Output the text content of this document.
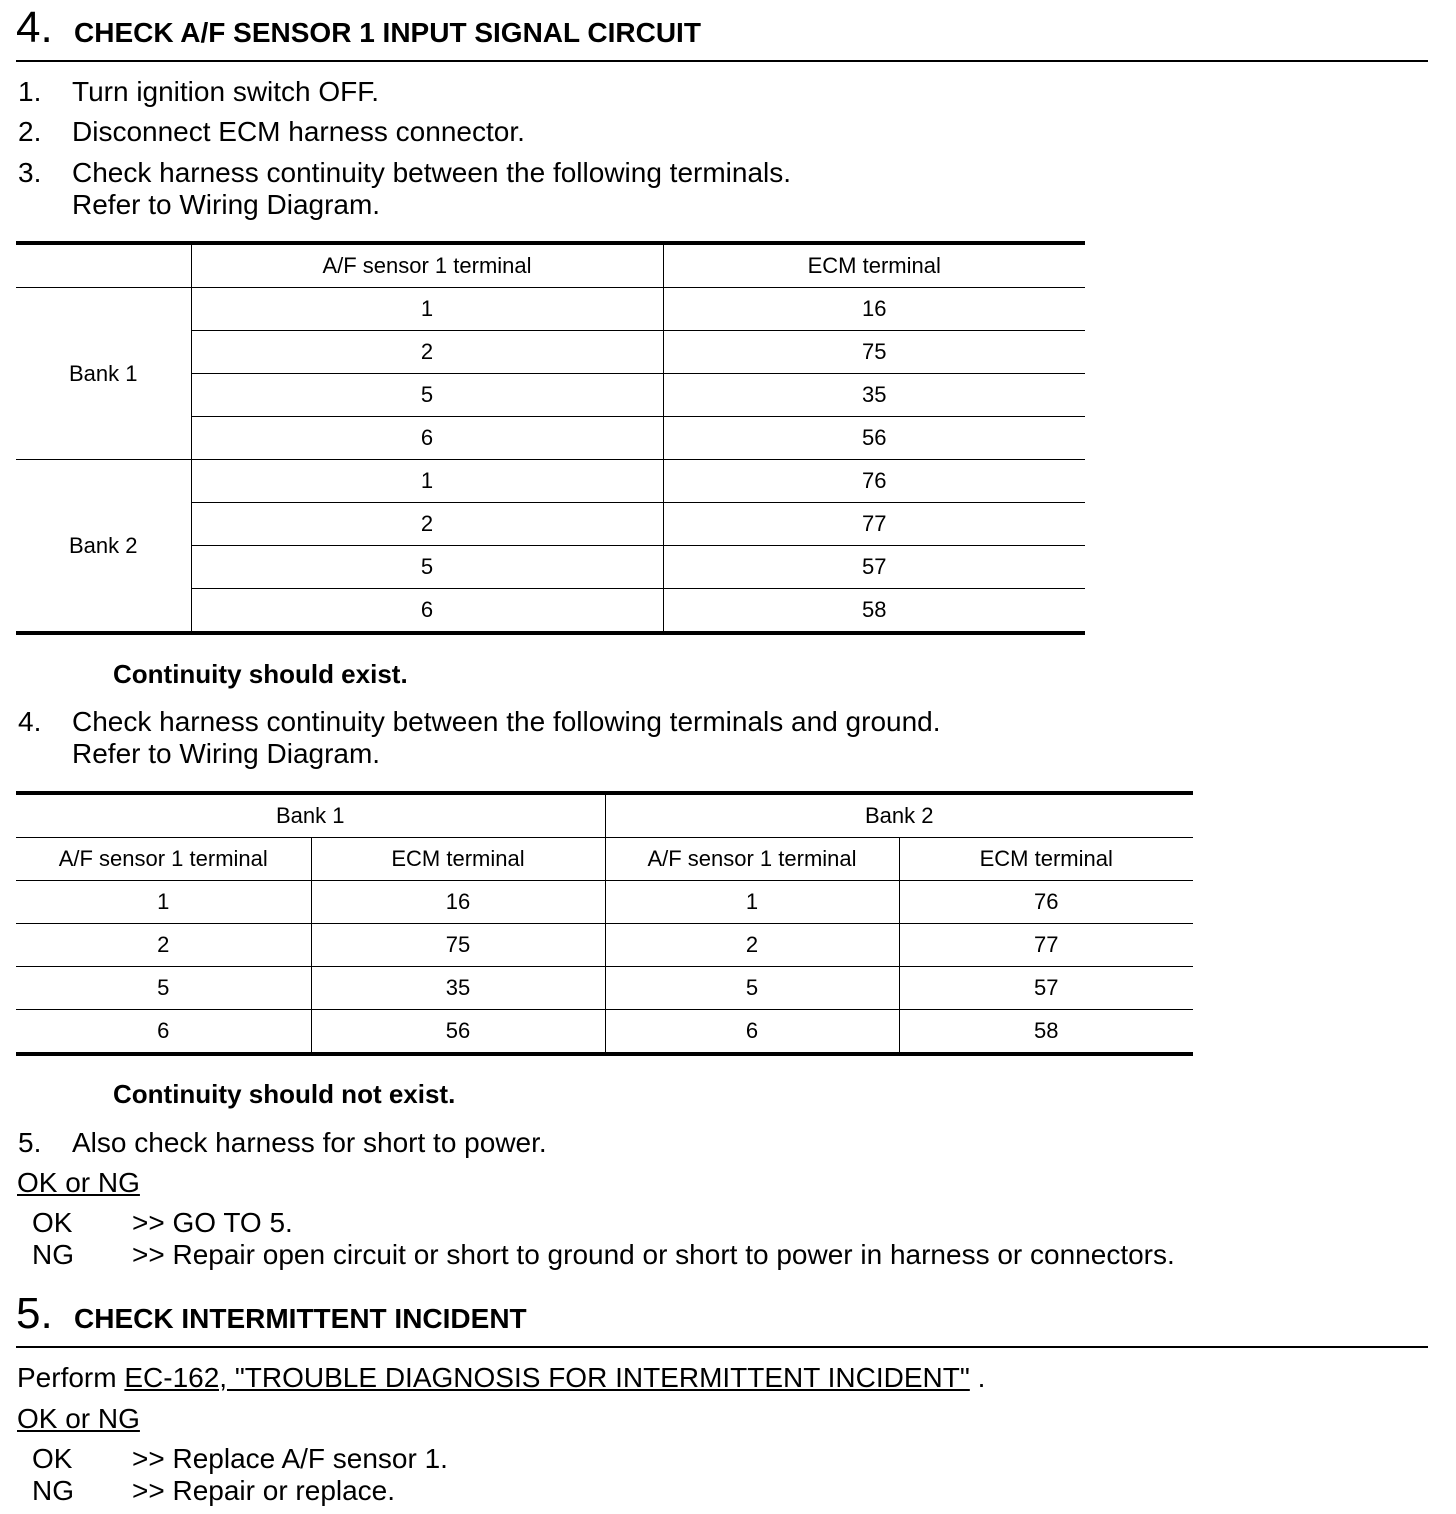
4. CHECK A/F SENSOR 1 INPUT SIGNAL CIRCUIT
1.	Turn ignition switch OFF.
2.	Disconnect ECM harness connector.
3.	Check harness continuity between the following terminals.
Refer to Wiring Diagram.
	A/F sensor 1 terminal	ECM terminal
Bank 1	1	16
	2	75
	5	35
	6	56
Bank 2	1	76
	2	77
	5	57
	6	58
Continuity should exist.
4.	Check harness continuity between the following terminals and ground.
Refer to Wiring Diagram.
Bank 1		Bank 2	
A/F sensor 1 terminal	ECM terminal	A/F sensor 1 terminal	ECM terminal
1	16	1	76
2	75	2	77
5	35	5	57
6	56	6	58
Continuity should not exist.
5.	Also check harness for short to power.
OK or NG
OK >> GO TO 5.
NG >> Repair open circuit or short to ground or short to power in harness or connectors.
5. CHECK INTERMITTENT INCIDENT
Perform EC-162, "TROUBLE DIAGNOSIS FOR INTERMITTENT INCIDENT" .
OK or NG
OK >> Replace A/F sensor 1.
NG >> Repair or replace.
